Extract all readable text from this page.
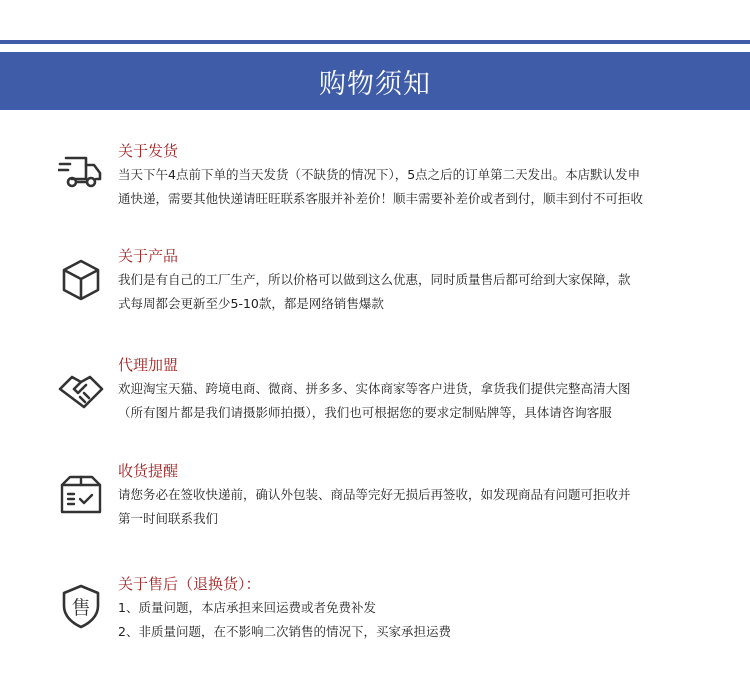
购物须知
关于发货
当天下午4点前下单的当天发货（不缺货的情况下），5点之后的订单第二天发出。本店默认发申
通快递，需要其他快递请旺旺联系客服并补差价！顺丰需要补差价或者到付，顺丰到付不可拒收
关于产品
我们是有自己的工厂生产，所以价格可以做到这么优惠，同时质量售后都可给到大家保障，款
式每周都会更新至少5-10款，都是网络销售爆款
代理加盟
欢迎淘宝天猫、跨境电商、微商、拼多多、实体商家等客户进货，拿货我们提供完整高清大图
（所有图片都是我们请摄影师拍摄），我们也可根据您的要求定制贴牌等，具体请咨询客服
收货提醒
请您务必在签收快递前，确认外包装、商品等完好无损后再签收，如发现商品有问题可拒收并
第一时间联系我们
售
关于售后（退换货）：
1、质量问题，本店承担来回运费或者免费补发
2、非质量问题，在不影响二次销售的情况下，买家承担运费
